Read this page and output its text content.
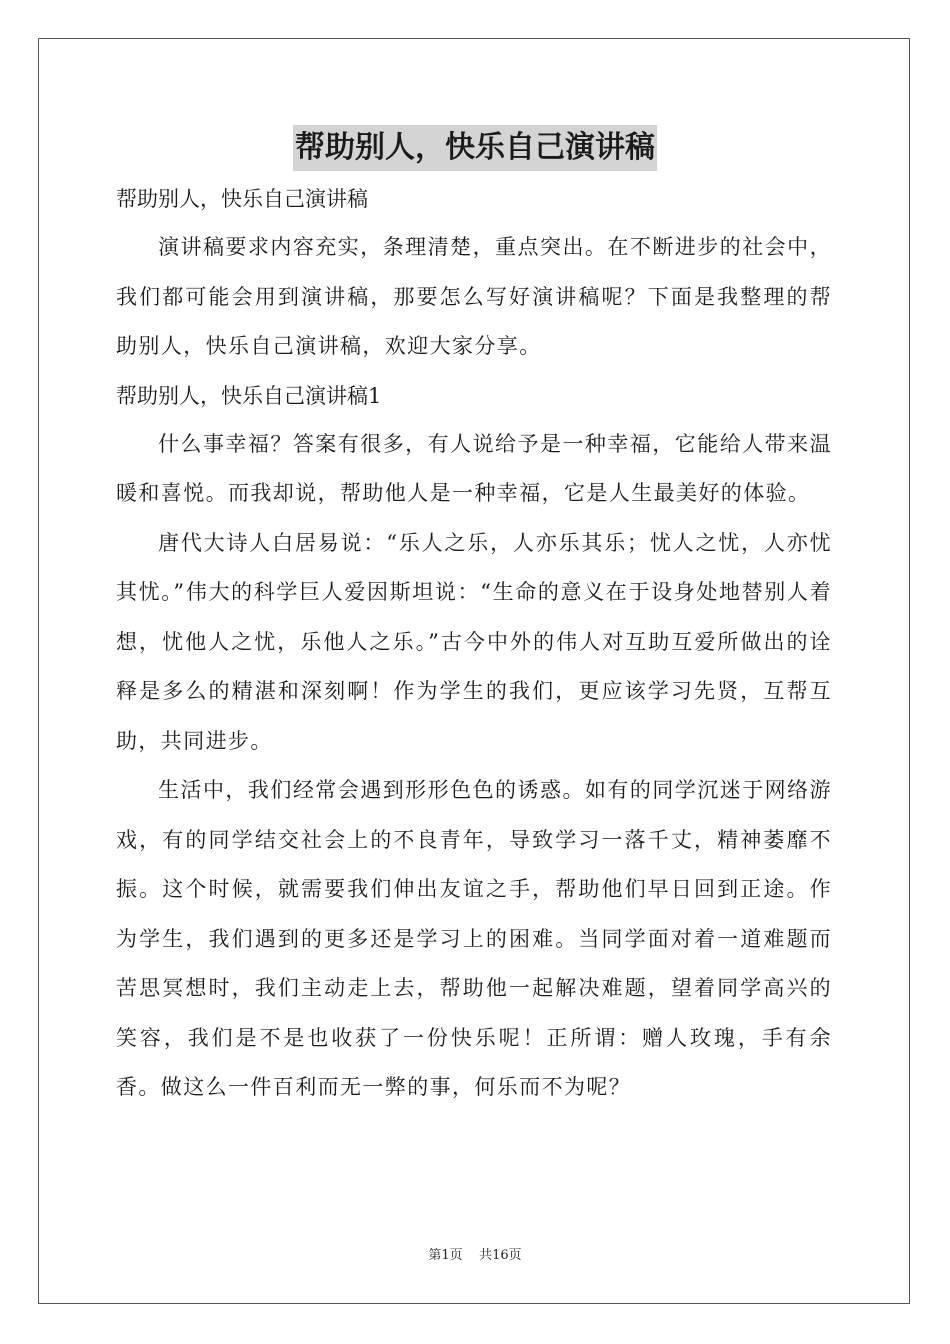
帮助别人，快乐自己演讲稿

帮助别人，快乐自己演讲稿

演讲稿要求内容充实，条理清楚，重点突出。在不断进步的社会中，我们都可能会用到演讲稿，那要怎么写好演讲稿呢？下面是我整理的帮助别人，快乐自己演讲稿，欢迎大家分享。

帮助别人，快乐自己演讲稿1

什么事幸福？答案有很多，有人说给予是一种幸福，它能给人带来温暖和喜悦。而我却说，帮助他人是一种幸福，它是人生最美好的体验。

唐代大诗人白居易说：“乐人之乐，人亦乐其乐；忧人之忧，人亦忧其忧。”伟大的科学巨人爱因斯坦说：“生命的意义在于设身处地替别人着想，忧他人之忧，乐他人之乐。”古今中外的伟人对互助互爱所做出的诠释是多么的精湛和深刻啊！作为学生的我们，更应该学习先贤，互帮互助，共同进步。

生活中，我们经常会遇到形形色色的诱惑。如有的同学沉迷于网络游戏，有的同学结交社会上的不良青年，导致学习一落千丈，精神萎靡不振。这个时候，就需要我们伸出友谊之手，帮助他们早日回到正途。作为学生，我们遇到的更多还是学习上的困难。当同学面对着一道难题而苦思冥想时，我们主动走上去，帮助他一起解决难题，望着同学高兴的笑容，我们是不是也收获了一份快乐呢！正所谓：赠人玫瑰，手有余香。做这么一件百利而无一弊的事，何乐而不为呢？

第1页 共16页
